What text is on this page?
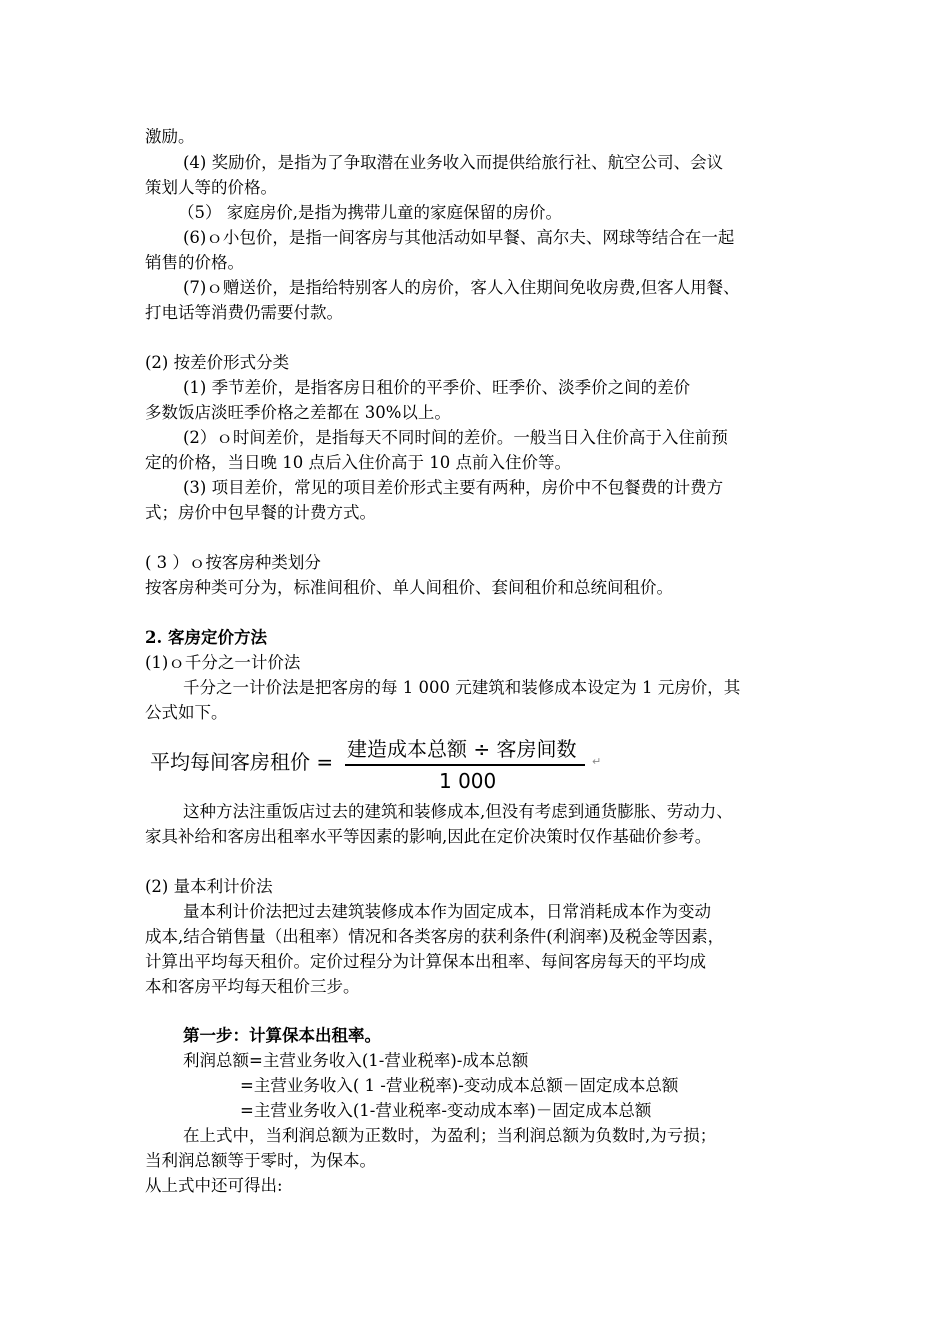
激励。
(4) 奖励价，是指为了争取潜在业务收入而提供给旅行社、航空公司、会议
策划人等的价格。
（5） 家庭房价,是指为携带儿童的家庭保留的房价。
(6)ｏ小包价，是指一间客房与其他活动如早餐、高尔夫、网球等结合在一起
销售的价格。
(7)ｏ赠送价，是指给特别客人的房价，客人入住期间免收房费,但客人用餐、
打电话等消费仍需要付款。
(2) 按差价形式分类
(1) 季节差价，是指客房日租价的平季价、旺季价、淡季价之间的差价
多数饭店淡旺季价格之差都在 30%以上。
(2）ｏ时间差价，是指每天不同时间的差价。一般当日入住价高于入住前预
定的价格，当日晚 10 点后入住价高于 10 点前入住价等。
(3) 项目差价，常见的项目差价形式主要有两种，房价中不包餐费的计费方
式；房价中包早餐的计费方式。
( 3 ）ｏ按客房种类划分
按客房种类可分为，标准间租价、单人间租价、套间租价和总统间租价。
2. 客房定价方法
(1)ｏ千分之一计价法
千分之一计价法是把客房的每 1 000 元建筑和装修成本设定为 1 元房价，其
公式如下。
平均每间客房租价 =
建造成本总额 ÷ 客房间数
1 000
↵
这种方法注重饭店过去的建筑和装修成本,但没有考虑到通货膨胀、劳动力、
家具补给和客房出租率水平等因素的影响,因此在定价决策时仅作基础价参考。
(2) 量本利计价法
量本利计价法把过去建筑装修成本作为固定成本，日常消耗成本作为变动
成本,结合销售量（出租率）情况和各类客房的获利条件(利润率)及税金等因素，
计算出平均每天租价。定价过程分为计算保本出租率、每间客房每天的平均成
本和客房平均每天租价三步。
第一步：计算保本出租率。
利润总额=主营业务收入(1-营业税率)-成本总额
=主营业务收入( 1 -营业税率)-变动成本总额－固定成本总额
=主营业务收入(1-营业税率-变动成本率)－固定成本总额
在上式中，当利润总额为正数时，为盈利；当利润总额为负数时,为亏损；
当利润总额等于零时，为保本。
从上式中还可得出:
